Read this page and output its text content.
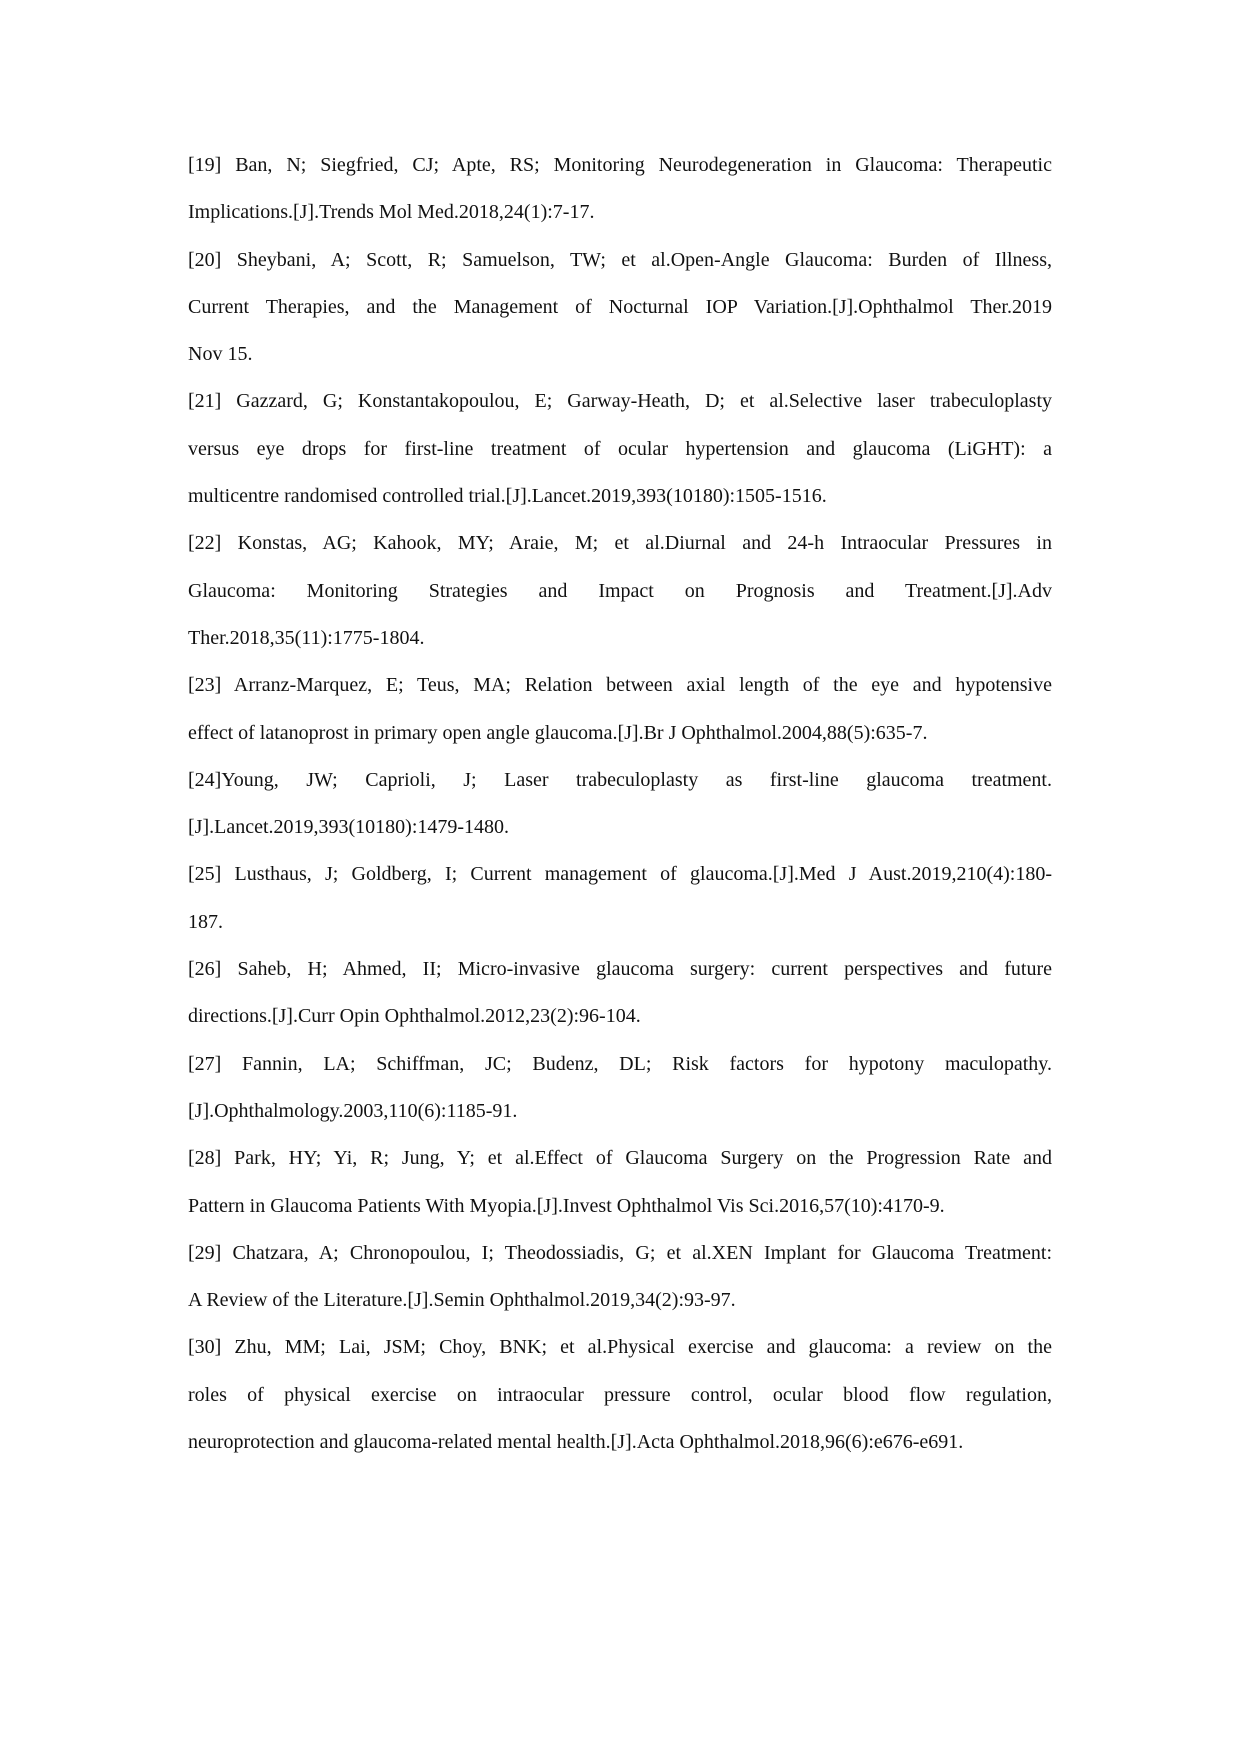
[19] Ban, N; Siegfried, CJ; Apte, RS; Monitoring Neurodegeneration in Glaucoma: Therapeutic
Implications.[J].Trends Mol Med.2018,24(1):7-17.
[20] Sheybani, A; Scott, R; Samuelson, TW; et al.Open-Angle Glaucoma: Burden of Illness,
Current Therapies, and the Management of Nocturnal IOP Variation.[J].Ophthalmol Ther.2019
Nov 15.
[21] Gazzard, G; Konstantakopoulou, E; Garway-Heath, D; et al.Selective laser trabeculoplasty
versus eye drops for first-line treatment of ocular hypertension and glaucoma (LiGHT): a
multicentre randomised controlled trial.[J].Lancet.2019,393(10180):1505-1516.
[22] Konstas, AG; Kahook, MY; Araie, M; et al.Diurnal and 24-h Intraocular Pressures in
Glaucoma: Monitoring Strategies and Impact on Prognosis and Treatment.[J].Adv
Ther.2018,35(11):1775-1804.
[23] Arranz-Marquez, E; Teus, MA; Relation between axial length of the eye and hypotensive
effect of latanoprost in primary open angle glaucoma.[J].Br J Ophthalmol.2004,88(5):635-7.
[24]Young, JW; Caprioli, J; Laser trabeculoplasty as first-line glaucoma treatment.
[J].Lancet.2019,393(10180):1479-1480.
[25] Lusthaus, J; Goldberg, I; Current management of glaucoma.[J].Med J Aust.2019,210(4):180-
187.
[26] Saheb, H; Ahmed, II; Micro-invasive glaucoma surgery: current perspectives and future
directions.[J].Curr Opin Ophthalmol.2012,23(2):96-104.
[27] Fannin, LA; Schiffman, JC; Budenz, DL; Risk factors for hypotony maculopathy.
[J].Ophthalmology.2003,110(6):1185-91.
[28] Park, HY; Yi, R; Jung, Y; et al.Effect of Glaucoma Surgery on the Progression Rate and
Pattern in Glaucoma Patients With Myopia.[J].Invest Ophthalmol Vis Sci.2016,57(10):4170-9.
[29] Chatzara, A; Chronopoulou, I; Theodossiadis, G; et al.XEN Implant for Glaucoma Treatment:
A Review of the Literature.[J].Semin Ophthalmol.2019,34(2):93-97.
[30] Zhu, MM; Lai, JSM; Choy, BNK; et al.Physical exercise and glaucoma: a review on the
roles of physical exercise on intraocular pressure control, ocular blood flow regulation,
neuroprotection and glaucoma-related mental health.[J].Acta Ophthalmol.2018,96(6):e676-e691.
